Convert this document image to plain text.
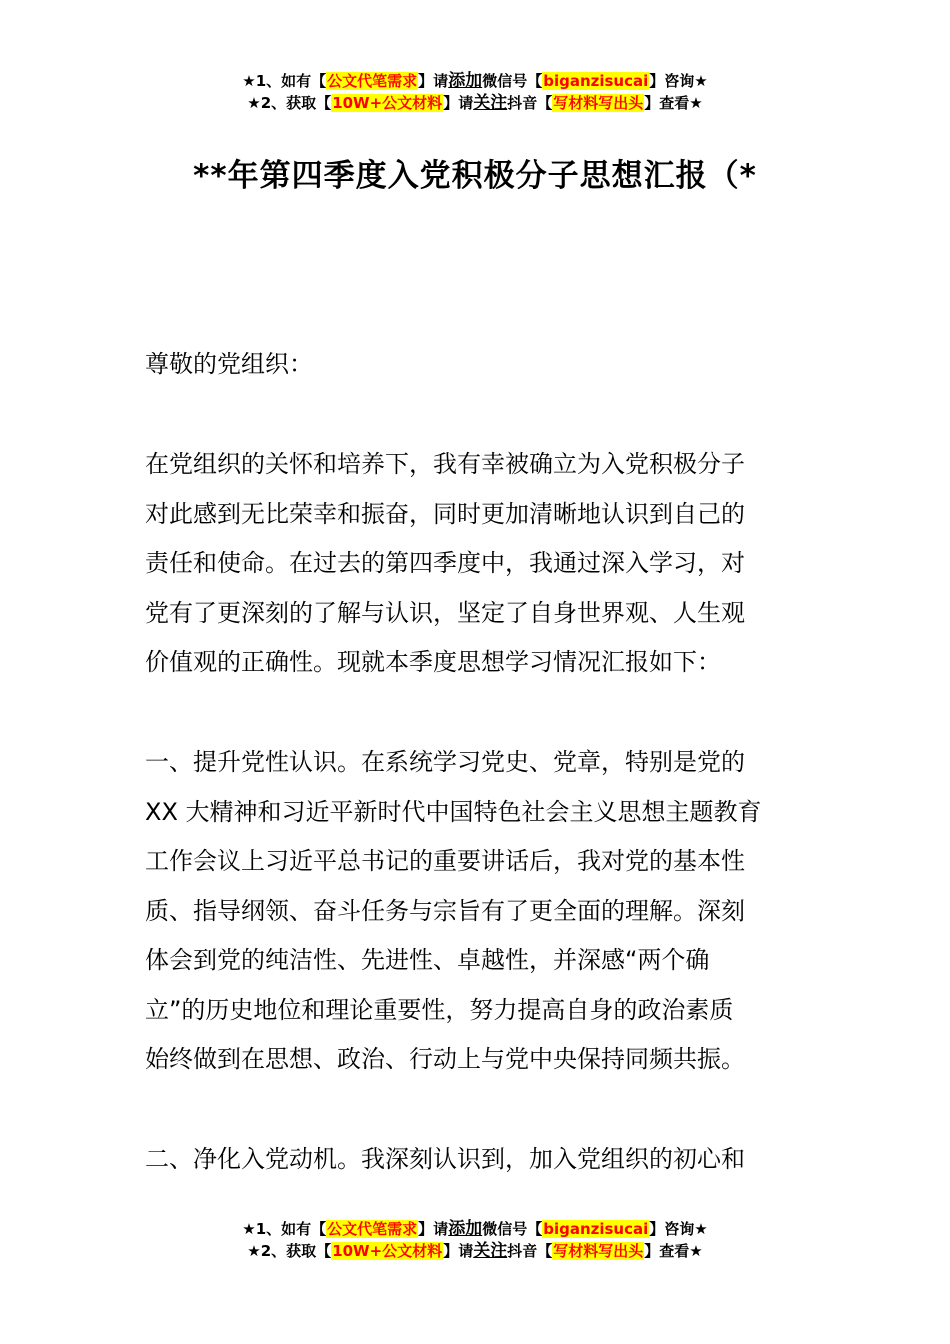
★1、如有【公文代笔需求】请添加微信号【biganzisucai】咨询★
★2、获取【10W+公文材料】请关注抖音【写材料写出头】查看★
**年第四季度入党积极分子思想汇报（*

尊敬的党组织：

在党组织的关怀和培养下，我有幸被确立为入党积极分子

对此感到无比荣幸和振奋，同时更加清晰地认识到自己的

责任和使命。在过去的第四季度中，我通过深入学习，对

党有了更深刻的了解与认识，坚定了自身世界观、人生观

价值观的正确性。现就本季度思想学习情况汇报如下：

一、提升党性认识。在系统学习党史、党章，特别是党的

XX 大精神和习近平新时代中国特色社会主义思想主题教育

工作会议上习近平总书记的重要讲话后，我对党的基本性

质、指导纲领、奋斗任务与宗旨有了更全面的理解。深刻

体会到党的纯洁性、先进性、卓越性，并深感“两个确

立”的历史地位和理论重要性，努力提高自身的政治素质

始终做到在思想、政治、行动上与党中央保持同频共振。

二、净化入党动机。我深刻认识到，加入党组织的初心和

★1、如有【公文代笔需求】请添加微信号【biganzisucai】咨询★
★2、获取【10W+公文材料】请关注抖音【写材料写出头】查看★
